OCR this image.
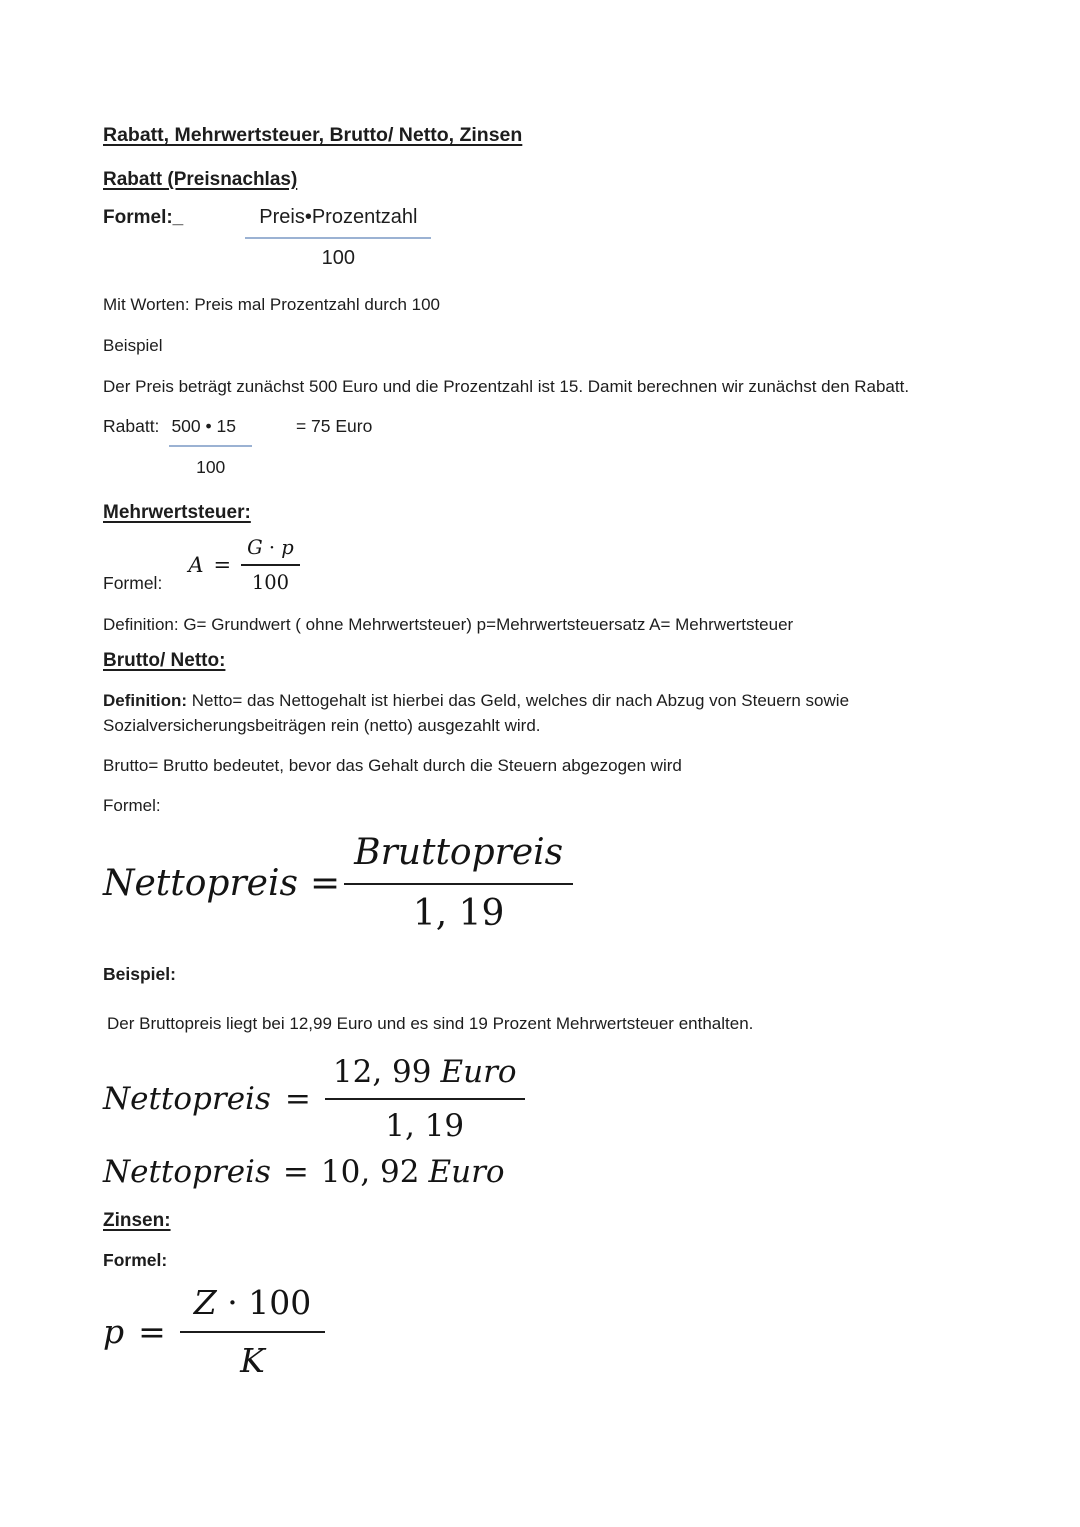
Rabatt, Mehrwertsteuer, Brutto/ Netto, Zinsen
Rabatt (Preisnachlas)
Formel:_	$\frac{\text{Preis•Prozentzahl}}{100}$
Mit Worten: Preis mal Prozentzahl durch 100
Beispiel
Der Preis beträgt zunächst 500 Euro und die Prozentzahl ist 15. Damit berechnen wir zunächst den Rabatt.
Rabatt: $\frac{500 • 15}{100}$	= 75 Euro
Mehrwertsteuer:
Formel:
$A = \frac{G \cdot p}{100}$
Definition: G= Grundwert ( ohne Mehrwertsteuer) p=Mehrwertsteuersatz A= Mehrwertsteuer
Brutto/ Netto:
Definition: Netto= das Nettogehalt ist hierbei das Geld, welches dir nach Abzug von Steuern sowie Sozialversicherungsbeiträgen rein (netto) ausgezahlt wird.
Brutto= Brutto bedeutet, bevor das Gehalt durch die Steuern abgezogen wird
Formel:
Nettopreis =
Bruttopreis
1, 19
Beispiel:
Der Bruttopreis liegt bei 12,99 Euro und es sind 19 Prozent Mehrwertsteuer enthalten.
Nettopreis =
12, 99 Euro
1, 19
Nettopreis = 10, 92 Euro
Zinsen:
Formel:
$p = \frac{Z \cdot 100}{K}$
